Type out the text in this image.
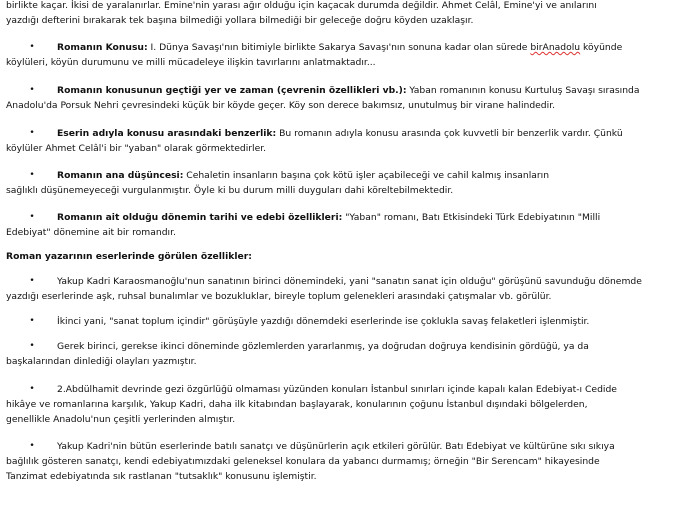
birlikte kaçar. İkisi de yaralanırlar. Emine'nin yarası ağır olduğu için kaçacak durumda değildir. Ahmet Celâl, Emine'yi ve anılarını
yazdığı defterini bırakarak tek başına bilmediği yollara bilmediği bir geleceğe doğru köyden uzaklaşır.
• Romanın Konusu: I. Dünya Savaşı'nın bitimiyle birlikte Sakarya Savaşı'nın sonuna kadar olan sürede birAnadolu köyünde
köylüleri, köyün durumunu ve milli mücadeleye ilişkin tavırlarını anlatmaktadır...
• Romanın konusunun geçtiği yer ve zaman (çevrenin özellikleri vb.): Yaban romanının konusu Kurtuluş Savaşı sırasında
Anadolu'da Porsuk Nehri çevresindeki küçük bir köyde geçer. Köy son derece bakımsız, unutulmuş bir virane halindedir.
• Eserin adıyla konusu arasındaki benzerlik: Bu romanın adıyla konusu arasında çok kuvvetli bir benzerlik vardır. Çünkü
köylüler Ahmet Celâl'i bir "yaban" olarak görmektedirler.
• Romanın ana düşüncesi: Cehaletin insanların başına çok kötü işler açabileceği ve cahil kalmış insanların
sağlıklı düşünemeyeceği vurgulanmıştır. Öyle ki bu durum milli duyguları dahi köreltebilmektedir.
• Romanın ait olduğu dönemin tarihi ve edebi özellikleri: "Yaban" romanı, Batı Etkisindeki Türk Edebiyatının "Milli
Edebiyat" dönemine ait bir romandır.
Roman yazarının eserlerinde görülen özellikler:
• Yakup Kadri Karaosmanoğlu'nun sanatının birinci dönemindeki, yani "sanatın sanat için olduğu" görüşünü savunduğu dönemde
yazdığı eserlerinde aşk, ruhsal bunalımlar ve bozukluklar, bireyle toplum gelenekleri arasındaki çatışmalar vb. görülür.
• İkinci yani, "sanat toplum içindir" görüşüyle yazdığı dönemdeki eserlerinde ise çoklukla savaş felaketleri işlenmiştir.
• Gerek birinci, gerekse ikinci döneminde gözlemlerden yararlanmış, ya doğrudan doğruya kendisinin gördüğü, ya da
başkalarından dinlediği olayları yazmıştır.
• 2.Abdülhamit devrinde gezi özgürlüğü olmaması yüzünden konuları İstanbul sınırları içinde kapalı kalan Edebiyat-ı Cedide
hikâye ve romanlarına karşılık, Yakup Kadri, daha ilk kitabından başlayarak, konularının çoğunu İstanbul dışındaki bölgelerden,
genellikle Anadolu'nun çeşitli yerlerinden almıştır.
• Yakup Kadri'nin bütün eserlerinde batılı sanatçı ve düşünürlerin açık etkileri görülür. Batı Edebiyat ve kültürüne sıkı sıkıya
bağlılık gösteren sanatçı, kendi edebiyatımızdaki geleneksel konulara da yabancı durmamış; örneğin "Bir Serencam" hikayesinde
Tanzimat edebiyatında sık rastlanan "tutsaklık" konusunu işlemiştir.
